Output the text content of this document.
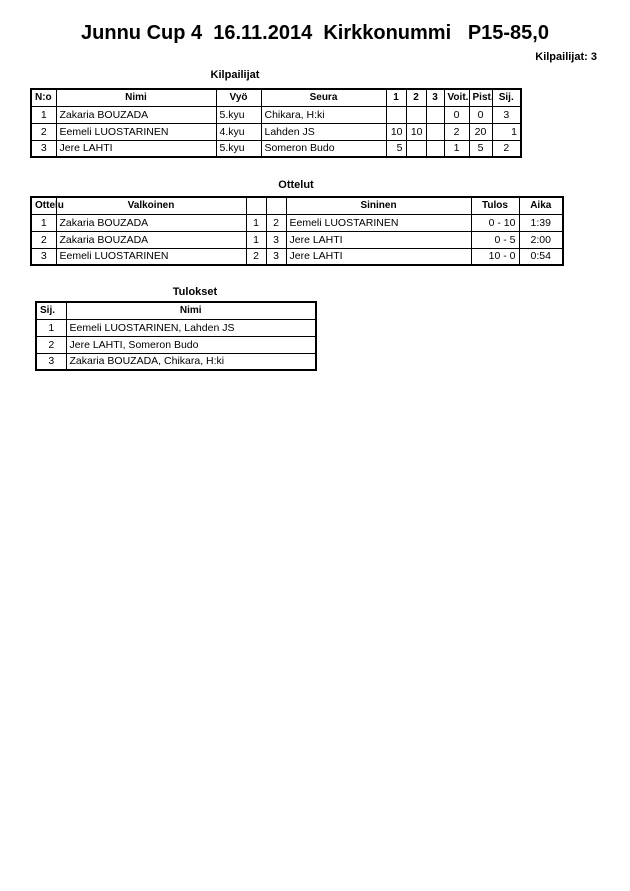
Junnu Cup 4  16.11.2014  Kirkkonummi   P15-85,0
Kilpailijat: 3
Kilpailijat
N:o	Nimi	Vyö	Seura	1	2	3	Voit.	Pist.	Sij.
1	Zakaria BOUZADA	5.kyu	Chikara, H:ki				0	0	3
2	Eemeli LUOSTARINEN	4.kyu	Lahden JS	10	10		2	20	1
3	Jere LAHTI	5.kyu	Someron Budo	5			1	5	2
Ottelut
Ottelu	Valkoinen			Sininen	Tulos	Aika
1	Zakaria BOUZADA	1	2	Eemeli LUOSTARINEN	0 - 10	1:39
2	Zakaria BOUZADA	1	3	Jere LAHTI	0 - 5	2:00
3	Eemeli LUOSTARINEN	2	3	Jere LAHTI	10 - 0	0:54
Tulokset
Sij.	Nimi
1	Eemeli LUOSTARINEN, Lahden JS
2	Jere LAHTI, Someron Budo
3	Zakaria BOUZADA, Chikara, H:ki
